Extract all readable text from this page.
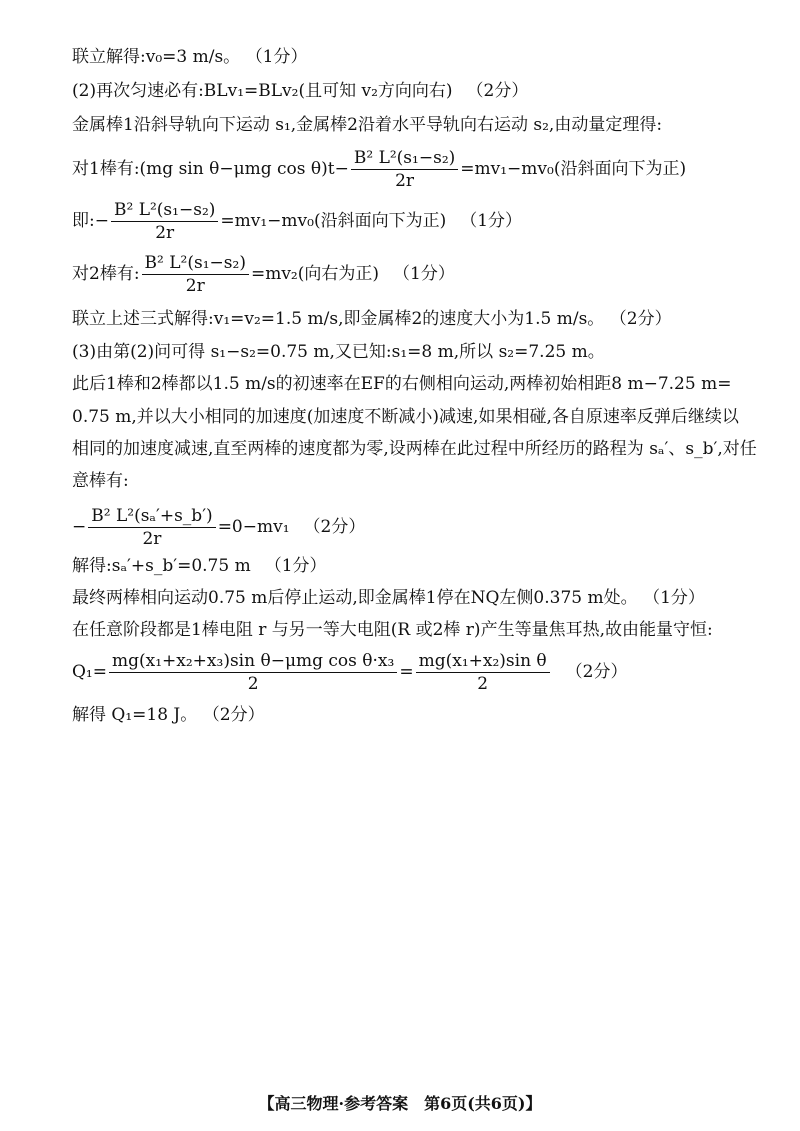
联立解得:v₀=3 m/s。 （1分）
(2)再次匀速必有:BLv₁=BLv₂(且可知 v₂方向向右) （2分）
金属棒1沿斜导轨向下运动 s₁,金属棒2沿着水平导轨向右运动 s₂,由动量定理得:
对1棒有:(mg sin θ−μmg $\cos \theta)t- \frac{\text{B² L²(s₁−s₂)}}{2r} =mv_1-mv_0$(沿斜面向下为正)
即:− $\frac{\text{B² L²(s₁−s₂)}}{2r} =mv_1-mv_0$(沿斜面向下为正) （1分）
对2棒有: $\frac{\text{B² L²(s₁−s₂)}}{2r} =mv_2$(向右为正) （1分）
联立上述三式解得:v₁=v₂=1.5 m/s,即金属棒2的速度大小为1.5 m/s。 （2分）
(3)由第(2)问可得 s₁−s₂=0.75 m,又已知:s₁=8 m,所以 s₂=7.25 m。
此后1棒和2棒都以1.5 m/s的初速率在EF的右侧相向运动,两棒初始相距8 m−7.25 m=
0.75 m,并以大小相同的加速度(加速度不断减小)减速,如果相碰,各自原速率反弹后继续以
相同的加速度减速,直至两棒的速度都为零,设两棒在此过程中所经历的路程为 sₐ′、s_b′,对任
意棒有:
− $\frac{\text{B² L²(sₐ′+s\_b′)}}{2r} =0-mv_1$ （2分）
解得:sₐ′+s_b′=0.75 m （1分）
最终两棒相向运动0.75 m后停止运动,即金属棒1停在NQ左侧0.375 m处。 （1分）
在任意阶段都是1棒电阻 r 与另一等大电阻(R 或2棒 r)产生等量焦耳热,故由能量守恒:
$Q_1= \frac{\text{mg(x₁+x₂+x₃)sin θ−μmg cos θ·x₃}}{2} = \frac{\text{mg(x₁+x₂)sin θ}}{2} (2$分）
解得 Q₁=18 J。 （2分）
【高三物理·参考答案　第6页(共6页)】
